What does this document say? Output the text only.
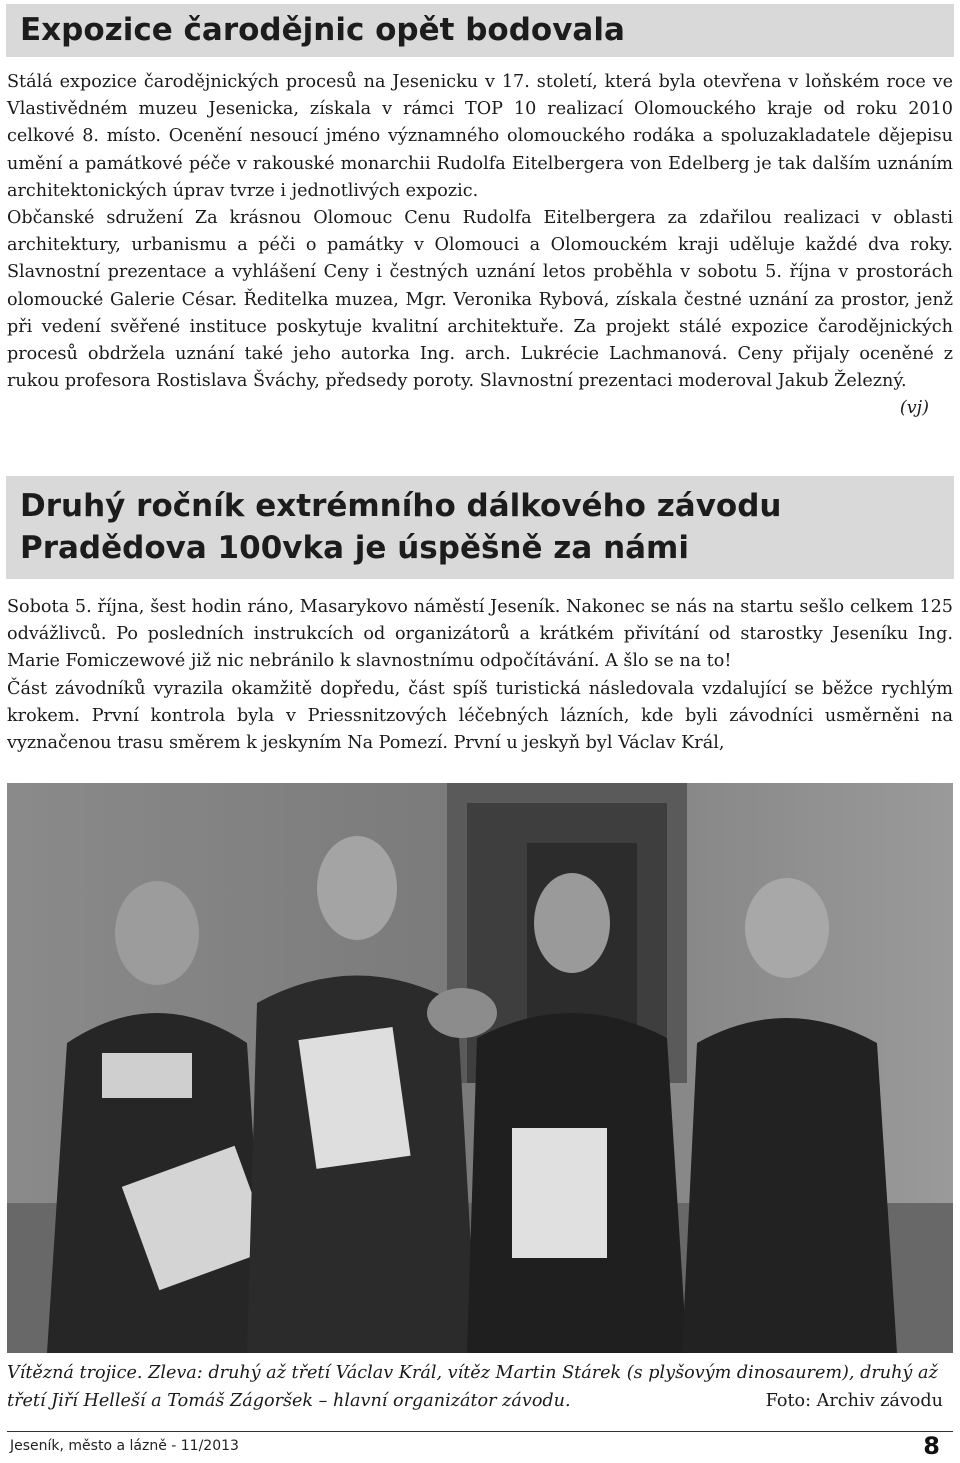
Expozice čarodějnic opět bodovala

Stálá expozice čarodějnických procesů na Jesenicku v 17. století, která byla otevřena v loňském roce ve Vlastivědném muzeu Jesenicka, získala v rámci TOP 10 realizací Olomouckého kraje od roku 2010 celkové 8. místo. Ocenění nesoucí jméno významného olomouckého rodáka a spoluzakladatele dějepisu umění a památkové péče v rakouské monarchii Rudolfa Eitelbergera von Edelberg je tak dalším uznáním architektonických úprav tvrze i jednotlivých expozic.

Občanské sdružení Za krásnou Olomouc Cenu Rudolfa Eitelbergera za zdařilou realizaci v oblasti architektury, urbanismu a péči o památky v Olomouci a Olomouckém kraji uděluje každé dva roky. Slavnostní prezentace a vyhlášení Ceny i čestných uznání letos proběhla v sobotu 5. října v prostorách olomoucké Galerie César. Ředitelka muzea, Mgr. Veronika Rybová, získala čestné uznání za prostor, jenž při vedení svěřené instituce poskytuje kvalitní architektuře. Za projekt stálé expozice čarodějnických procesů obdržela uznání také jeho autorka Ing. arch. Lukrécie Lachmanová. Ceny přijaly oceněné z rukou profesora Rostislava Šváchy, předsedy poroty. Slavnostní prezentaci moderoval Jakub Železný.
(vj)

Druhý ročník extrémního dálkového závodu
Pradědova 100vka je úspěšně za námi

Sobota 5. října, šest hodin ráno, Masarykovo náměstí Jeseník. Nakonec se nás na startu sešlo celkem 125 odvážlivců. Po posledních instrukcích od organizátorů a krátkém přivítání od starostky Jeseníku Ing. Marie Fomiczewové již nic nebránilo k slavnostnímu odpočítávání. A šlo se na to!

Část závodníků vyrazila okamžitě dopředu, část spíš turistická následovala vzdalující se běžce rychlým krokem. První kontrola byla v Priessnitzových léčebných lázních, kde byli závodníci usměrněni na vyznačenou trasu směrem k jeskyním Na Pomezí. První u jeskyň byl Václav Král,

Vítězná trojice. Zleva: druhý až třetí Václav Král, vítěz Martin Stárek (s plyšovým dinosaurem), druhý až třetí Jiří Helleší a Tomáš Zágoršek – hlavní organizátor závodu.	Foto: Archiv závodu
Jeseník, město a lázně - 11/2013	8
